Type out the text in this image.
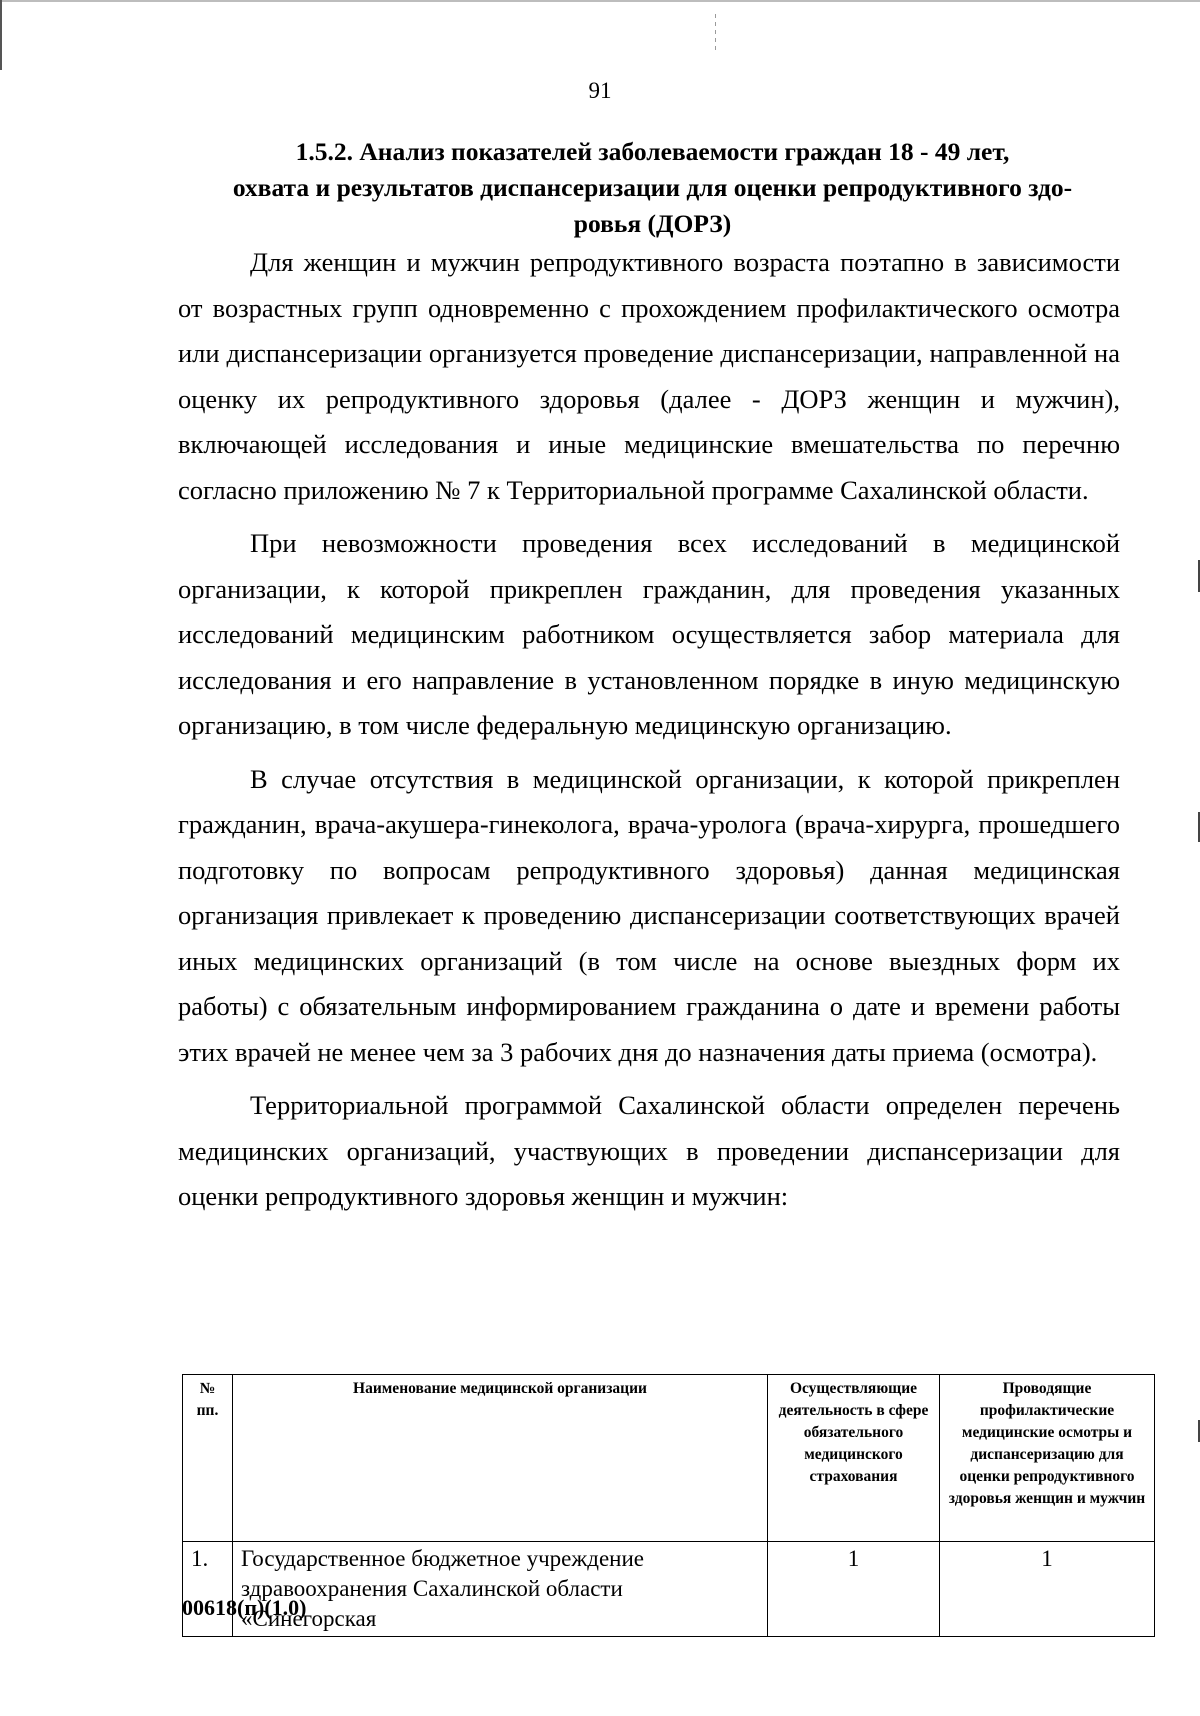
91
1.5.2. Анализ показателей заболеваемости граждан 18 - 49 лет,
охвата и результатов диспансеризации для оценки репродуктивного здо-
ровья (ДОРЗ)

Для женщин и мужчин репродуктивного возраста поэтапно в зависимости от возрастных групп одновременно с прохождением профилактического осмотра или диспансеризации организуется проведение диспансеризации, направленной на оценку их репродуктивного здоровья (далее - ДОРЗ женщин и мужчин), включающей исследования и иные медицинские вмешательства по перечню согласно приложению № 7 к Территориальной программе Сахалинской области.

При невозможности проведения всех исследований в медицинской организации, к которой прикреплен гражданин, для проведения указанных исследований медицинским работником осуществляется забор материала для исследования и его направление в установленном порядке в иную медицинскую организацию, в том числе федеральную медицинскую организацию.

В случае отсутствия в медицинской организации, к которой прикреплен гражданин, врача-акушера-гинеколога, врача-уролога (врача-хирурга, прошедшего подготовку по вопросам репродуктивного здоровья) данная медицинская организация привлекает к проведению диспансеризации соответствующих врачей иных медицинских организаций (в том числе на основе выездных форм их работы) с обязательным информированием гражданина о дате и времени работы этих врачей не менее чем за 3 рабочих дня до назначения даты приема (осмотра).

Территориальной программой Сахалинской области определен перечень медицинских организаций, участвующих в проведении диспансеризации для оценки репродуктивного здоровья женщин и мужчин:

№ пп.	Наименование медицинской организации	Осуществляющие деятельность в сфере обязательного медицинского страхования	Проводящие профилактические медицинские осмотры и диспансеризацию для оценки репродуктивного здоровья женщин и мужчин
1.	Государственное бюджетное учреждение здравоохранения Сахалинской области «Синегорская	1	1
00618(п)(1.0)
